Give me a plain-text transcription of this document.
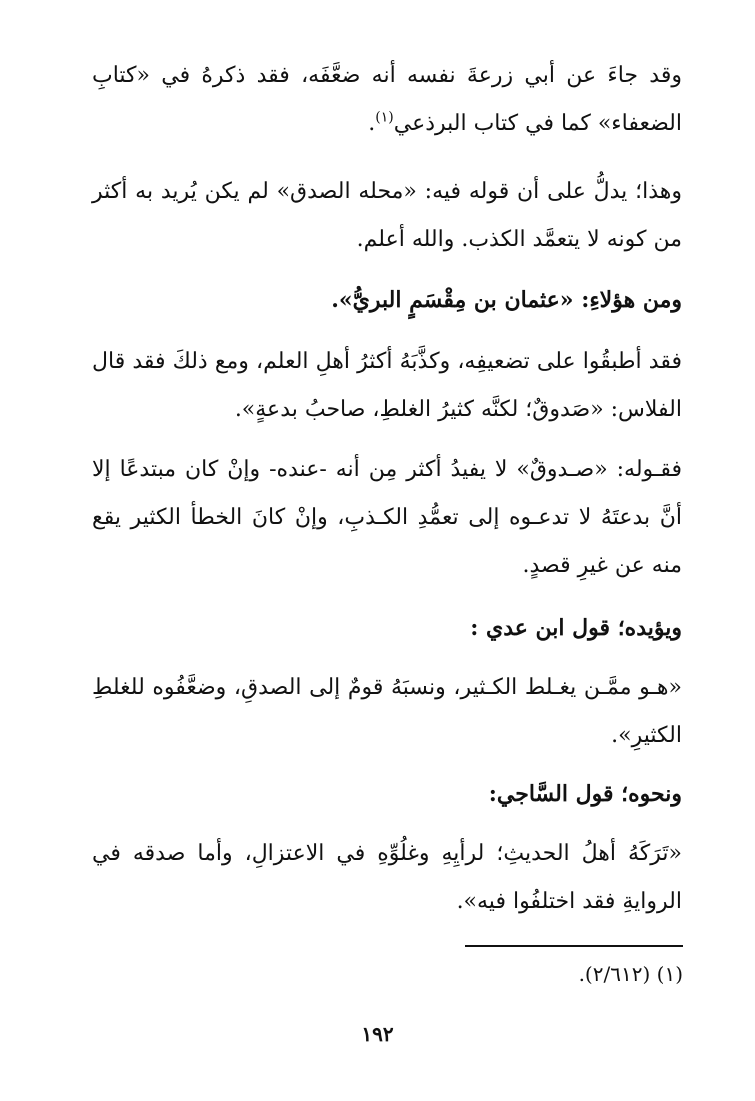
وقد جاءَ عن أبي زرعةَ نفسه أنه ضعَّفَه، فقد ذكرهُ في «كتابِ الضعفاء» كما في كتاب البرذعي$^{(١)}$.

وهذا؛ يدلُّ على أن قوله فيه: «محله الصدق» لم يكن يُريد به أكثر من كونه لا يتعمَّد الكذب. والله أعلم.

ومن هؤلاءِ: «عثمان بن مِقْسَمٍ البريُّ».

فقد أطبقُوا على تضعيفِه، وكذَّبَهُ أكثرُ أهلِ العلم، ومع ذلكَ فقد قال الفلاس: «صَدوقٌ؛ لكنَّه كثيرُ الغلطِ، صاحبُ بدعةٍ».

فقـوله: «صـدوقٌ» لا يفيدُ أكثر مِن أنه -عنده- وإنْ كان مبتدعًا إلا أنَّ بدعتَهُ لا تدعـوه إلى تعمُّدِ الكـذبِ، وإنْ كانَ الخطأ الكثير يقع منه عن غيرِ قصدٍ.

ويؤيده؛ قول ابن عدي :

«هـو ممَّـن يغـلط الكـثير، ونسبَهُ قومٌ إلى الصدقِ، وضعَّفُوه للغلطِ الكثيرِ».

ونحوه؛ قول السَّاجي:

«تَرَكَهُ أهلُ الحديثِ؛ لرأيِهِ وغلُوِّهِ في الاعتزالِ، وأما صدقه في الروايةِ فقد اختلفُوا فيه».

(١) (٢/٦١٢).
١٩٢
